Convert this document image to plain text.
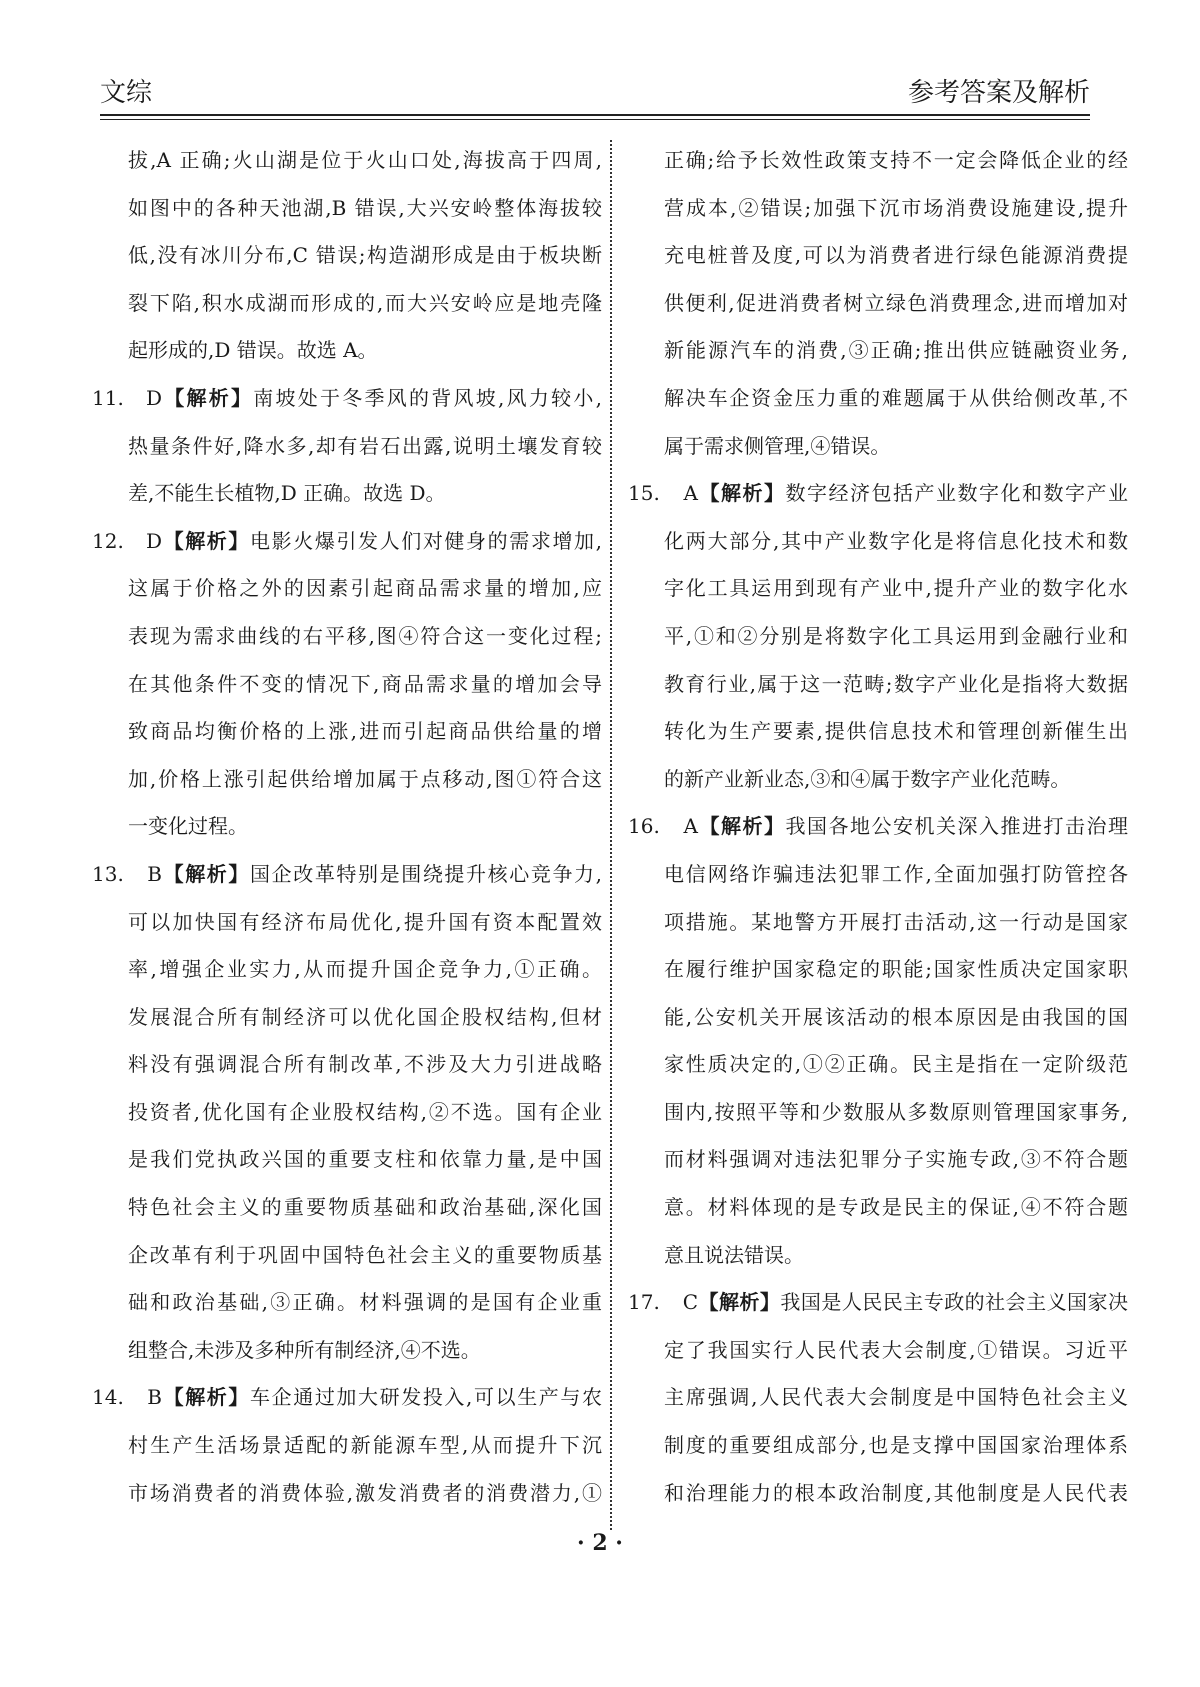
文综	参考答案及解析
拔,A 正确;火山湖是位于火山口处,海拔高于四周,
如图中的各种天池湖,B 错误,大兴安岭整体海拔较
低,没有冰川分布,C 错误;构造湖形成是由于板块断
裂下陷,积水成湖而形成的,而大兴安岭应是地壳隆
起形成的,D 错误。故选 A。
11. D【解析】南坡处于冬季风的背风坡,风力较小,
热量条件好,降水多,却有岩石出露,说明土壤发育较
差,不能生长植物,D 正确。故选 D。
12. D【解析】电影火爆引发人们对健身的需求增加,
这属于价格之外的因素引起商品需求量的增加,应
表现为需求曲线的右平移,图④符合这一变化过程;
在其他条件不变的情况下,商品需求量的增加会导
致商品均衡价格的上涨,进而引起商品供给量的增
加,价格上涨引起供给增加属于点移动,图①符合这
一变化过程。
13. B【解析】国企改革特别是围绕提升核心竞争力,
可以加快国有经济布局优化,提升国有资本配置效
率,增强企业实力,从而提升国企竞争力,①正确。
发展混合所有制经济可以优化国企股权结构,但材
料没有强调混合所有制改革,不涉及大力引进战略
投资者,优化国有企业股权结构,②不选。国有企业
是我们党执政兴国的重要支柱和依靠力量,是中国
特色社会主义的重要物质基础和政治基础,深化国
企改革有利于巩固中国特色社会主义的重要物质基
础和政治基础,③正确。材料强调的是国有企业重
组整合,未涉及多种所有制经济,④不选。
14. B【解析】车企通过加大研发投入,可以生产与农
村生产生活场景适配的新能源车型,从而提升下沉
市场消费者的消费体验,激发消费者的消费潜力,①
正确;给予长效性政策支持不一定会降低企业的经
营成本,②错误;加强下沉市场消费设施建设,提升
充电桩普及度,可以为消费者进行绿色能源消费提
供便利,促进消费者树立绿色消费理念,进而增加对
新能源汽车的消费,③正确;推出供应链融资业务,
解决车企资金压力重的难题属于从供给侧改革,不
属于需求侧管理,④错误。
15. A【解析】数字经济包括产业数字化和数字产业
化两大部分,其中产业数字化是将信息化技术和数
字化工具运用到现有产业中,提升产业的数字化水
平,①和②分别是将数字化工具运用到金融行业和
教育行业,属于这一范畴;数字产业化是指将大数据
转化为生产要素,提供信息技术和管理创新催生出
的新产业新业态,③和④属于数字产业化范畴。
16. A【解析】我国各地公安机关深入推进打击治理
电信网络诈骗违法犯罪工作,全面加强打防管控各
项措施。某地警方开展打击活动,这一行动是国家
在履行维护国家稳定的职能;国家性质决定国家职
能,公安机关开展该活动的根本原因是由我国的国
家性质决定的,①②正确。民主是指在一定阶级范
围内,按照平等和少数服从多数原则管理国家事务,
而材料强调对违法犯罪分子实施专政,③不符合题
意。材料体现的是专政是民主的保证,④不符合题
意且说法错误。
17. C【解析】我国是人民民主专政的社会主义国家决
定了我国实行人民代表大会制度,①错误。习近平
主席强调,人民代表大会制度是中国特色社会主义
制度的重要组成部分,也是支撑中国国家治理体系
和治理能力的根本政治制度,其他制度是人民代表
· 2 ·
